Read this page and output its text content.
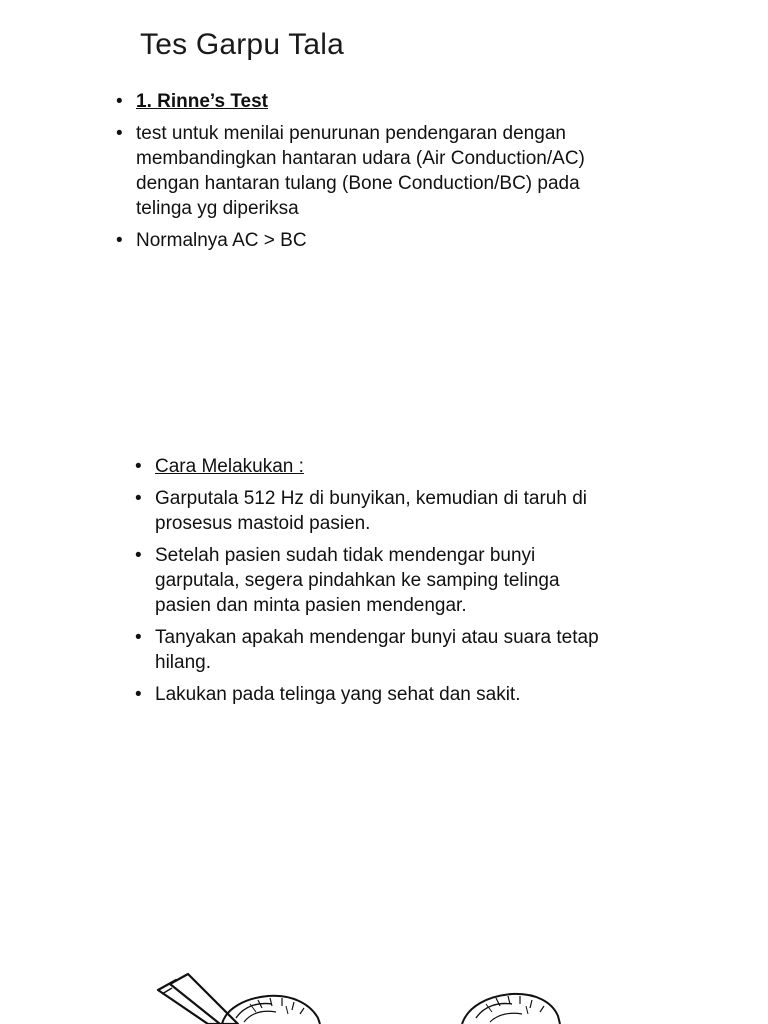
Tes Garpu Tala
• 1. Rinne’s Test
• test untuk menilai penurunan pendengaran dengan membandingkan hantaran udara (Air Conduction/AC) dengan hantaran tulang (Bone Conduction/BC) pada telinga yg diperiksa
• Normalnya AC > BC
• Cara Melakukan :
• Garputala 512 Hz di bunyikan, kemudian di taruh di prosesus mastoid pasien.
• Setelah pasien sudah tidak mendengar bunyi garputala, segera pindahkan ke samping telinga pasien dan minta pasien mendengar.
• Tanyakan apakah mendengar bunyi atau suara tetap hilang.
• Lakukan pada telinga yang sehat dan sakit.
